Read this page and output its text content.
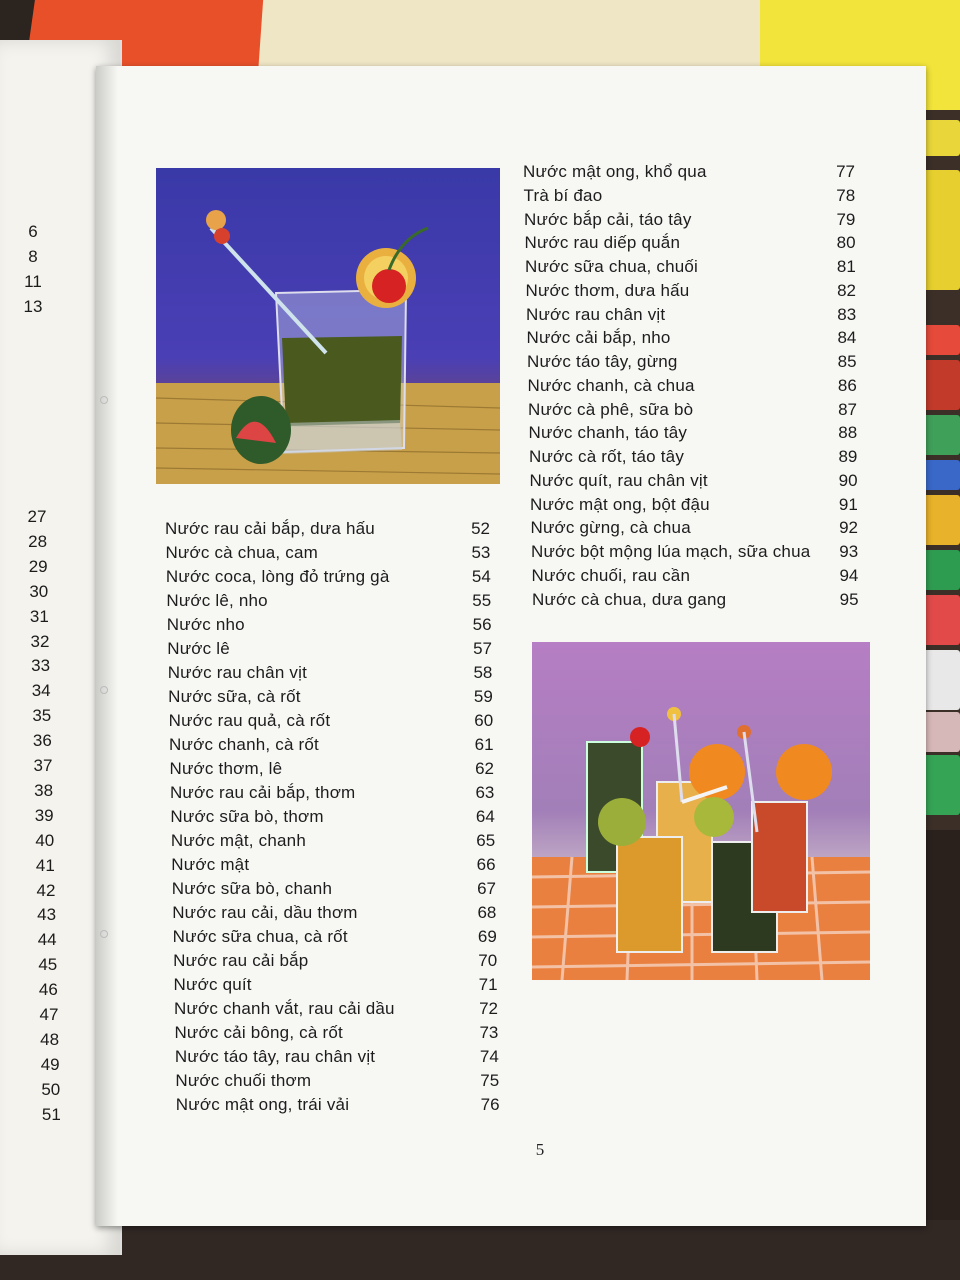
6
8
11
13
27
28
29
30
31
32
33
34
35
36
37
38
39
40
41
42
43
44
45
46
47
48
49
50
51
Nước rau cải bắp, dưa hấu	52
Nước cà chua, cam	53
Nước coca, lòng đỏ trứng gà	54
Nước lê, nho	55
Nước nho	56
Nước lê	57
Nước rau chân vịt	58
Nước sữa, cà rốt	59
Nước rau quả, cà rốt	60
Nước chanh, cà rốt	61
Nước thơm, lê	62
Nước rau cải bắp, thơm	63
Nước sữa bò, thơm	64
Nước mật, chanh	65
Nước mật	66
Nước sữa bò, chanh	67
Nước rau cải, dầu thơm	68
Nước sữa chua, cà rốt	69
Nước rau cải bắp	70
Nước quít	71
Nước chanh vắt, rau cải dầu	72
Nước cải bông, cà rốt	73
Nước táo tây, rau chân vịt	74
Nước chuối thơm	75
Nước mật ong, trái vải	76
Nước mật ong, khổ qua	77
Trà bí đao	78
Nước bắp cải, táo tây	79
Nước rau diếp quắn	80
Nước sữa chua, chuối	81
Nước thơm, dưa hấu	82
Nước rau chân vịt	83
Nước cải bắp, nho	84
Nước táo tây, gừng	85
Nước chanh, cà chua	86
Nước cà phê, sữa bò	87
Nước chanh, táo tây	88
Nước cà rốt, táo tây	89
Nước quít, rau chân vịt	90
Nước mật ong, bột đậu	91
Nước gừng, cà chua	92
Nước bột mộng lúa mạch, sữa chua	93
Nước chuối, rau cần	94
Nước cà chua, dưa gang	95
5
